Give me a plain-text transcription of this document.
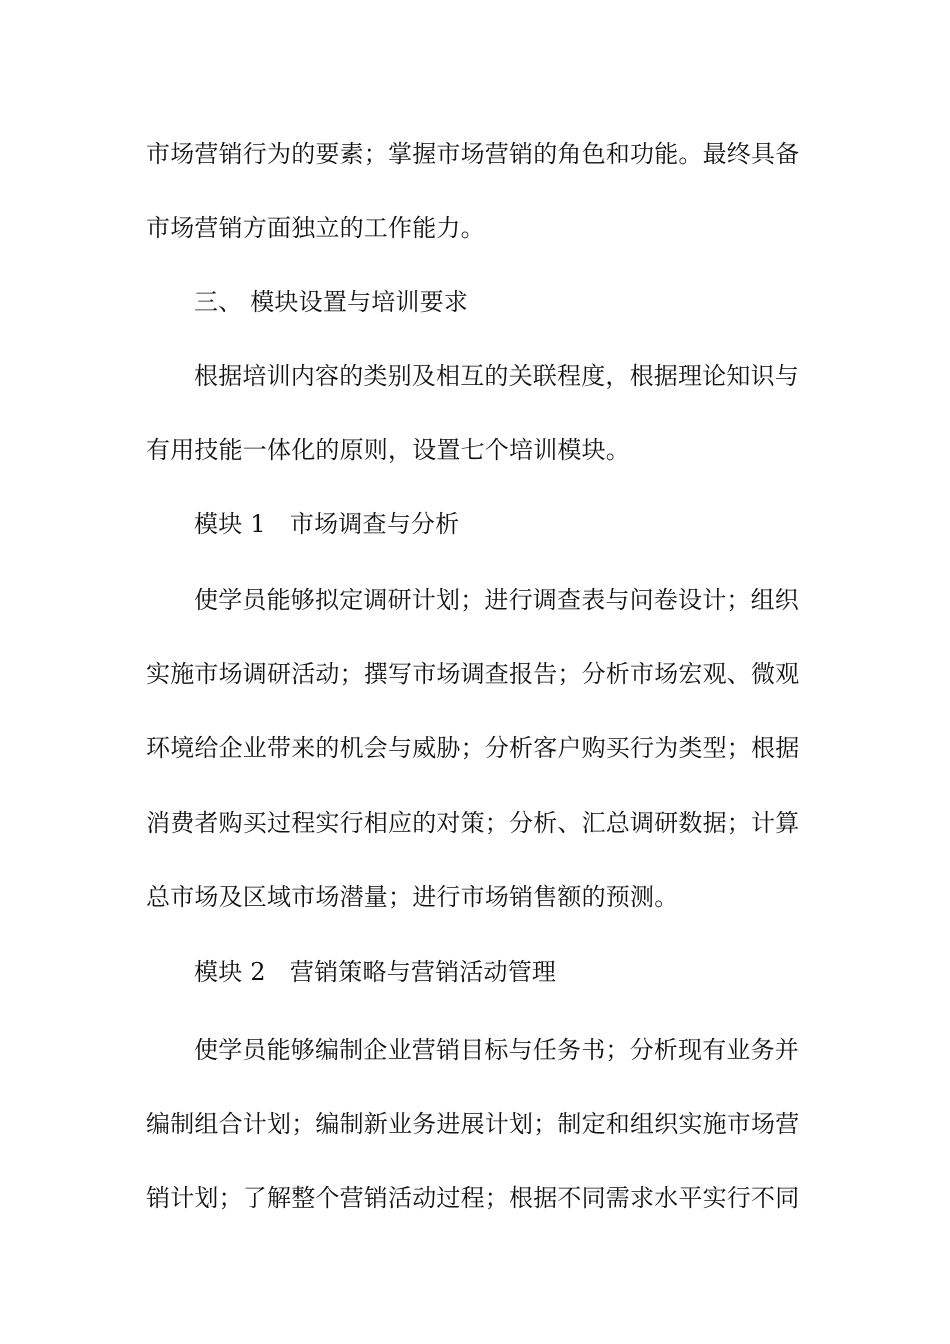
市场营销行为的要素；掌握市场营销的角色和功能。最终具备
市场营销方面独立的工作能力。
三、 模块设置与培训要求
根据培训内容的类别及相互的关联程度，根据理论知识与
有用技能一体化的原则，设置七个培训模块。
模块 1　市场调查与分析
使学员能够拟定调研计划；进行调查表与问卷设计；组织
实施市场调研活动；撰写市场调查报告；分析市场宏观、微观
环境给企业带来的机会与威胁；分析客户购买行为类型；根据
消费者购买过程实行相应的对策；分析、汇总调研数据；计算
总市场及区域市场潜量；进行市场销售额的预测。
模块 2　营销策略与营销活动管理
使学员能够编制企业营销目标与任务书；分析现有业务并
编制组合计划；编制新业务进展计划；制定和组织实施市场营
销计划；了解整个营销活动过程；根据不同需求水平实行不同
